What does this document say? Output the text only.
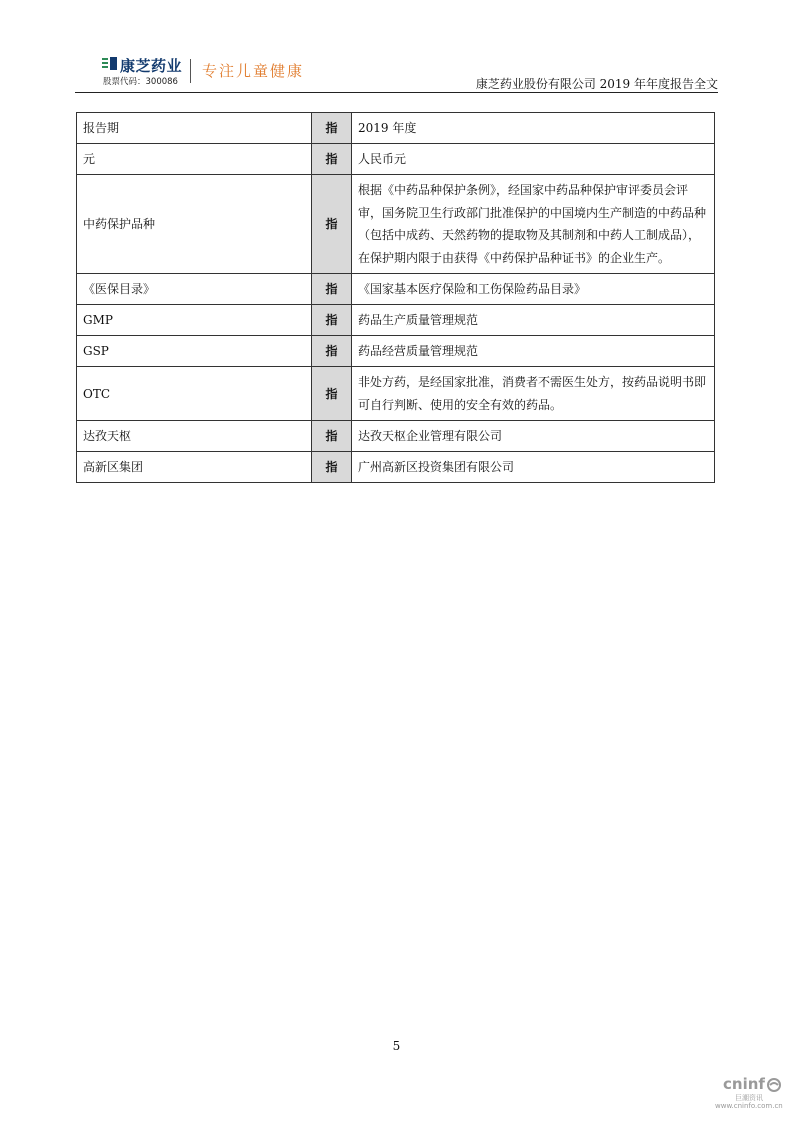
康芝药业
股票代码：300086
专注儿童健康
康芝药业股份有限公司 2019 年年度报告全文
报告期	指	2019 年度
元	指	人民币元
中药保护品种	指	根据《中药品种保护条例》，经国家中药品种保护审评委员会评审，国务院卫生行政部门批准保护的中国境内生产制造的中药品种（包括中成药、天然药物的提取物及其制剂和中药人工制成品），在保护期内限于由获得《中药保护品种证书》的企业生产。
《医保目录》	指	《国家基本医疗保险和工伤保险药品目录》
GMP	指	药品生产质量管理规范
GSP	指	药品经营质量管理规范
OTC	指	非处方药，是经国家批准，消费者不需医生处方，按药品说明书即可自行判断、使用的安全有效的药品。
达孜天枢	指	达孜天枢企业管理有限公司
高新区集团	指	广州高新区投资集团有限公司
5
cninf
巨潮资讯
www.cninfo.com.cn
